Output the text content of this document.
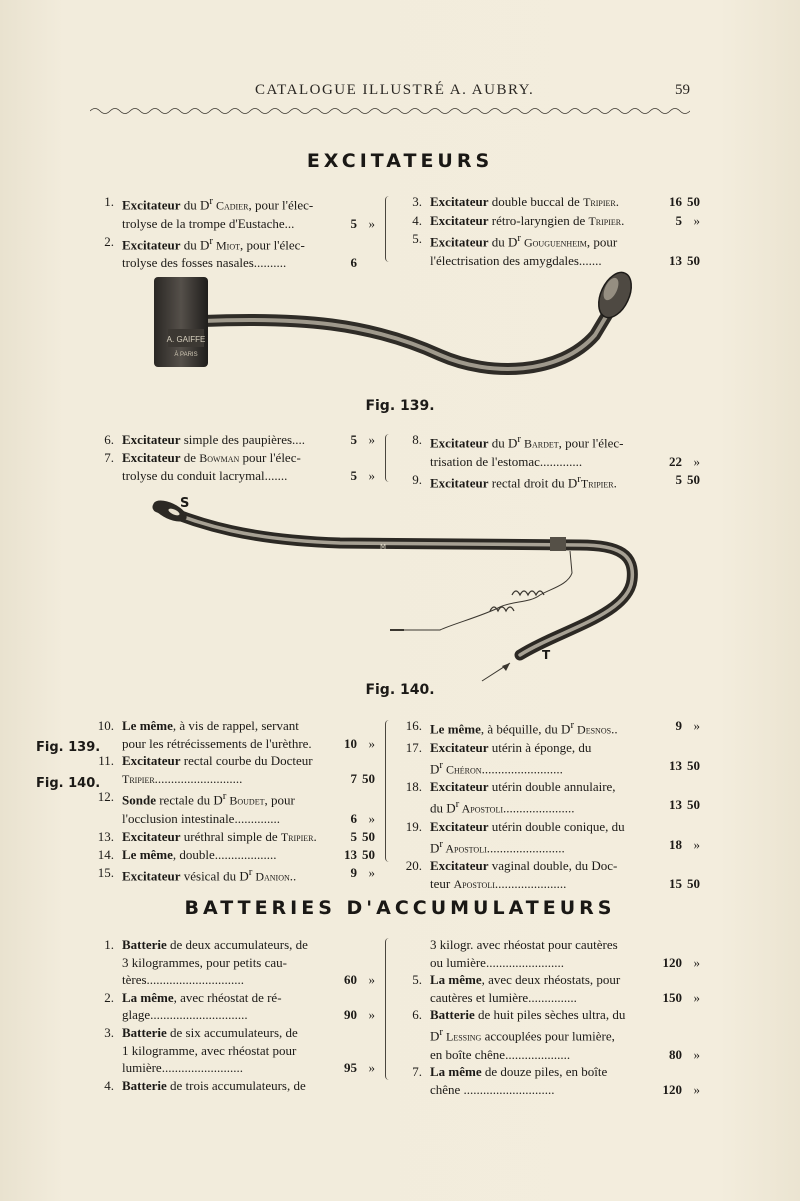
CATALOGUE ILLUSTRÉ A. AUBRY.	59
EXCITATEURS
1. Excitateur du $D^r$ Cadier, pour l'élec-
trolyse de la trompe d'Eustache...	5 »
2. Excitateur du $D^r$ Miot, pour l'élec-
trolyse des fosses nasales..........	6
3. Excitateur double buccal de Tripier.	16 50
4. Excitateur rétro-laryngien de Tripier.	5 »
5. Excitateur du $D^r$ Gouguenheim, pour
l'électrisation des amygdales.......	13 50
A. GAIFFE
À PARIS
Fig. 139.
6. Excitateur simple des paupières....	5 »
7. Excitateur de Bowman pour l'élec-
trolyse du conduit lacrymal.......	5 »
8. Excitateur du $D^r$ Bardet, pour l'élec-
trisation de l'estomac.............	22 »
9. Excitateur rectal droit du $D^rTripier$.	5 50
S
T
M
Fig. 140.
Fig. 139.
Fig. 140.
10. Le même, à vis de rappel, servant
pour les rétrécissements de l'urèthre. 10 »
11. Excitateur rectal courbe du Docteur
Tripier...........................	7 50
12. Sonde rectale du $D^r$ Boudet, pour
l'occlusion intestinale..............	6 »
13. Excitateur uréthral simple de Tripier.	5 50
14. Le même, double...................	13 50
15. Excitateur vésical du $D^r$ Danion..	9 »
16. Le même, à béquille, du $D^r$ Desnos..	9 »
17. Excitateur utérin à éponge, du
$D^r$ Chéron.........................	13 50
18. Excitateur utérin double annulaire,
du $D^r$ Apostoli......................	13 50
19. Excitateur utérin double conique, du
$D^r$ Apostoli........................	18 »
20. Excitateur vaginal double, du Doc-
teur Apostoli......................	15 50
BATTERIES D'ACCUMULATEURS
1. Batterie de deux accumulateurs, de
3 kilogrammes, pour petits cau-
tères..............................	60 »
2. La même, avec rhéostat de ré-
glage..............................	90 »
3. Batterie de six accumulateurs, de
1 kilogramme, avec rhéostat pour
lumière.........................	95 »
4. Batterie de trois accumulateurs, de
3 kilogr. avec rhéostat pour cautères
ou lumière........................	120 »
5. La même, avec deux rhéostats, pour
cautères et lumière...............	150 »
6. Batterie de huit piles sèches ultra, du
$D^r$ Lessing accouplées pour lumière,
en boîte chêne....................	80 »
7. La même de douze piles, en boîte
chêne ............................	120 »
